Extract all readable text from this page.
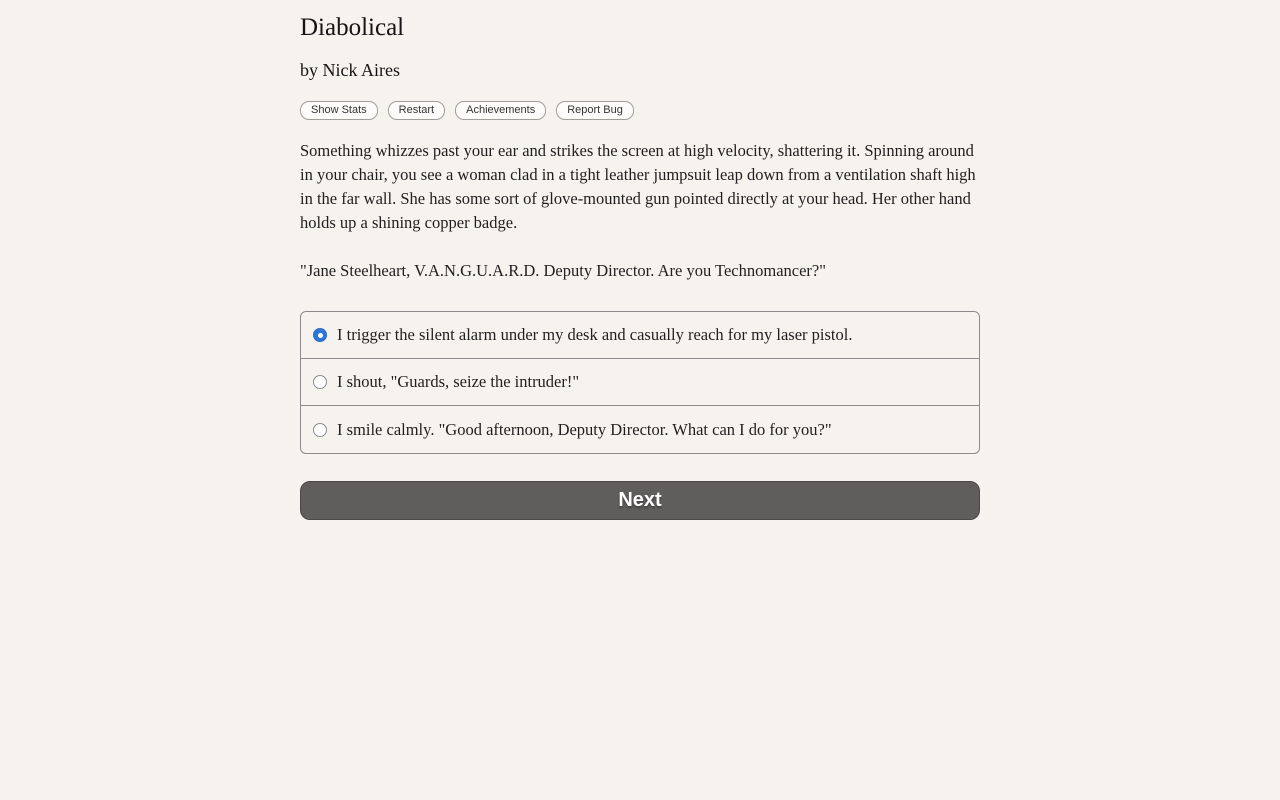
Diabolical
by Nick Aires
Show Stats	Restart	Achievements	Report Bug

Something whizzes past your ear and strikes the screen at high velocity, shattering it. Spinning around in your chair, you see a woman clad in a tight leather jumpsuit leap down from a ventilation shaft high in the far wall. She has some sort of glove-mounted gun pointed directly at your head. Her other hand holds up a shining copper badge.

"Jane Steelheart, V.A.N.G.U.A.R.D. Deputy Director. Are you Technomancer?"

I trigger the silent alarm under my desk and casually reach for my laser pistol.
I shout, "Guards, seize the intruder!"
I smile calmly. "Good afternoon, Deputy Director. What can I do for you?"
Next
